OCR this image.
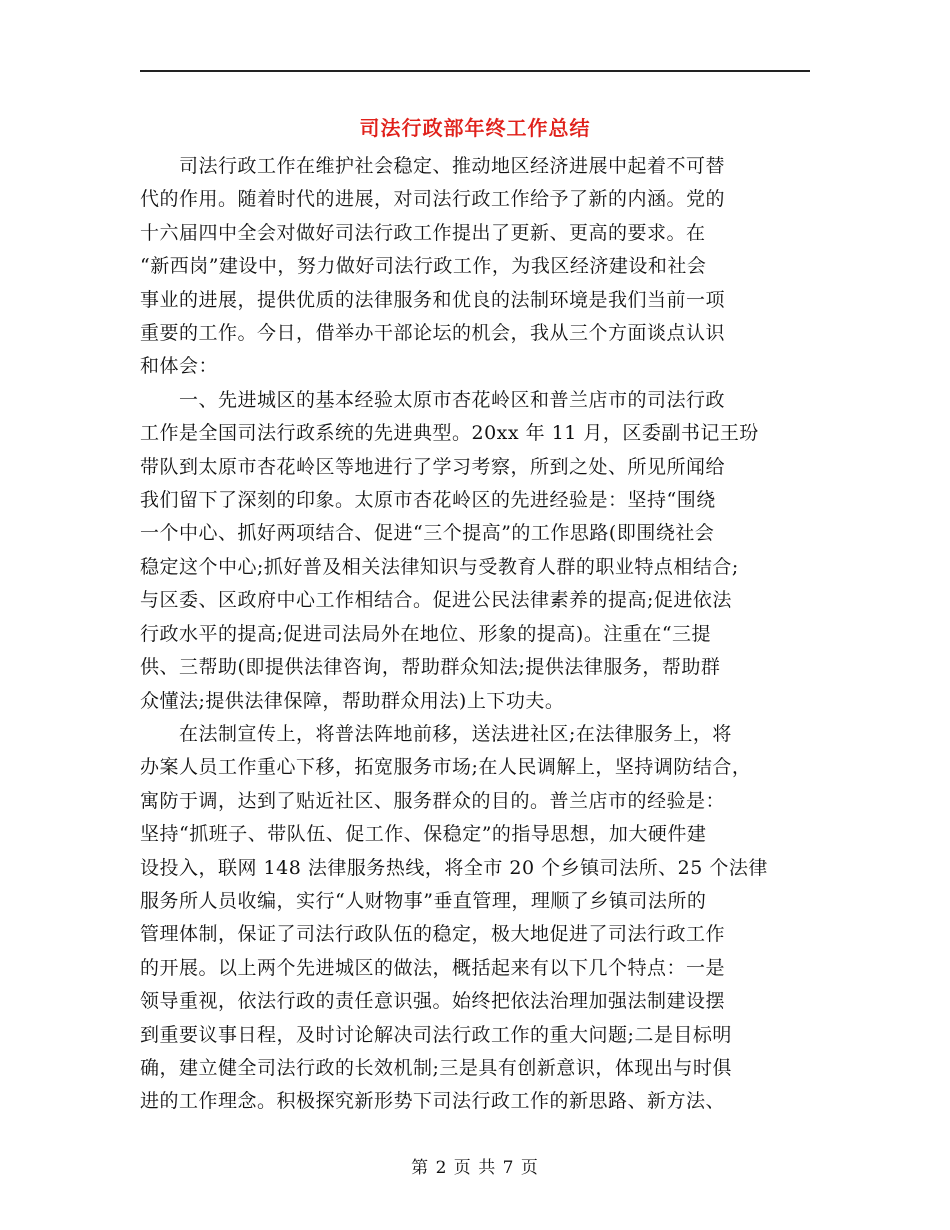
司法行政部年终工作总结

　　司法行政工作在维护社会稳定、推动地区经济进展中起着不可替
代的作用。随着时代的进展，对司法行政工作给予了新的内涵。党的
十六届四中全会对做好司法行政工作提出了更新、更高的要求。在
“新西岗”建设中，努力做好司法行政工作，为我区经济建设和社会
事业的进展，提供优质的法律服务和优良的法制环境是我们当前一项
重要的工作。今日，借举办干部论坛的机会，我从三个方面谈点认识
和体会：

　　一、先进城区的基本经验太原市杏花岭区和普兰店市的司法行政
工作是全国司法行政系统的先进典型。20xx 年 11 月，区委副书记王玢
带队到太原市杏花岭区等地进行了学习考察，所到之处、所见所闻给
我们留下了深刻的印象。太原市杏花岭区的先进经验是：坚持“围绕
一个中心、抓好两项结合、促进“三个提高”的工作思路(即围绕社会
稳定这个中心;抓好普及相关法律知识与受教育人群的职业特点相结合;
与区委、区政府中心工作相结合。促进公民法律素养的提高;促进依法
行政水平的提高;促进司法局外在地位、形象的提高)。注重在“三提
供、三帮助(即提供法律咨询，帮助群众知法;提供法律服务，帮助群
众懂法;提供法律保障，帮助群众用法)上下功夫。

　　在法制宣传上，将普法阵地前移，送法进社区;在法律服务上，将
办案人员工作重心下移，拓宽服务市场;在人民调解上，坚持调防结合，
寓防于调，达到了贴近社区、服务群众的目的。普兰店市的经验是：
坚持“抓班子、带队伍、促工作、保稳定”的指导思想，加大硬件建
设投入，联网 148 法律服务热线，将全市 20 个乡镇司法所、25 个法律
服务所人员收编，实行“人财物事”垂直管理，理顺了乡镇司法所的
管理体制，保证了司法行政队伍的稳定，极大地促进了司法行政工作
的开展。以上两个先进城区的做法，概括起来有以下几个特点：一是
领导重视，依法行政的责任意识强。始终把依法治理加强法制建设摆
到重要议事日程，及时讨论解决司法行政工作的重大问题;二是目标明
确，建立健全司法行政的长效机制;三是具有创新意识，体现出与时俱
进的工作理念。积极探究新形势下司法行政工作的新思路、新方法、

第 2 页 共 7 页
